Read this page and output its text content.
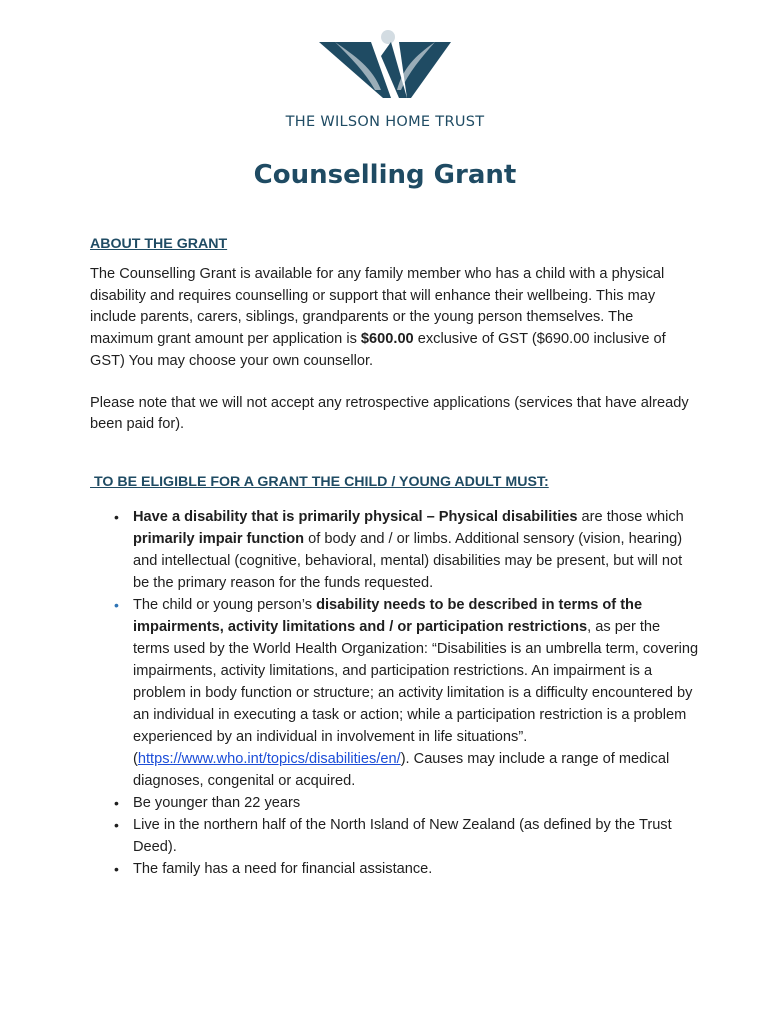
THE WILSON HOME TRUST
Counselling Grant

ABOUT THE GRANT

The Counselling Grant is available for any family member who has a child with a physical disability and requires counselling or support that will enhance their wellbeing. This may include parents, carers, siblings, grandparents or the young person themselves. The maximum grant amount per application is $600.00 exclusive of GST ($690.00 inclusive of GST) You may choose your own counsellor.

Please note that we will not accept any retrospective applications (services that have already been paid for).

TO BE ELIGIBLE FOR A GRANT THE CHILD / YOUNG ADULT MUST:

• Have a disability that is primarily physical – Physical disabilities are those which primarily impair function of body and / or limbs. Additional sensory (vision, hearing) and intellectual (cognitive, behavioral, mental) disabilities may be present, but will not be the primary reason for the funds requested.
• The child or young person’s disability needs to be described in terms of the impairments, activity limitations and / or participation restrictions, as per the terms used by the World Health Organization: “Disabilities is an umbrella term, covering impairments, activity limitations, and participation restrictions. An impairment is a problem in body function or structure; an activity limitation is a difficulty encountered by an individual in executing a task or action; while a participation restriction is a problem experienced by an individual in involvement in life situations”. (https://www.who.int/topics/disabilities/en/). Causes may include a range of medical diagnoses, congenital or acquired.
• Be younger than 22 years
• Live in the northern half of the North Island of New Zealand (as defined by the Trust Deed).
• The family has a need for financial assistance.
